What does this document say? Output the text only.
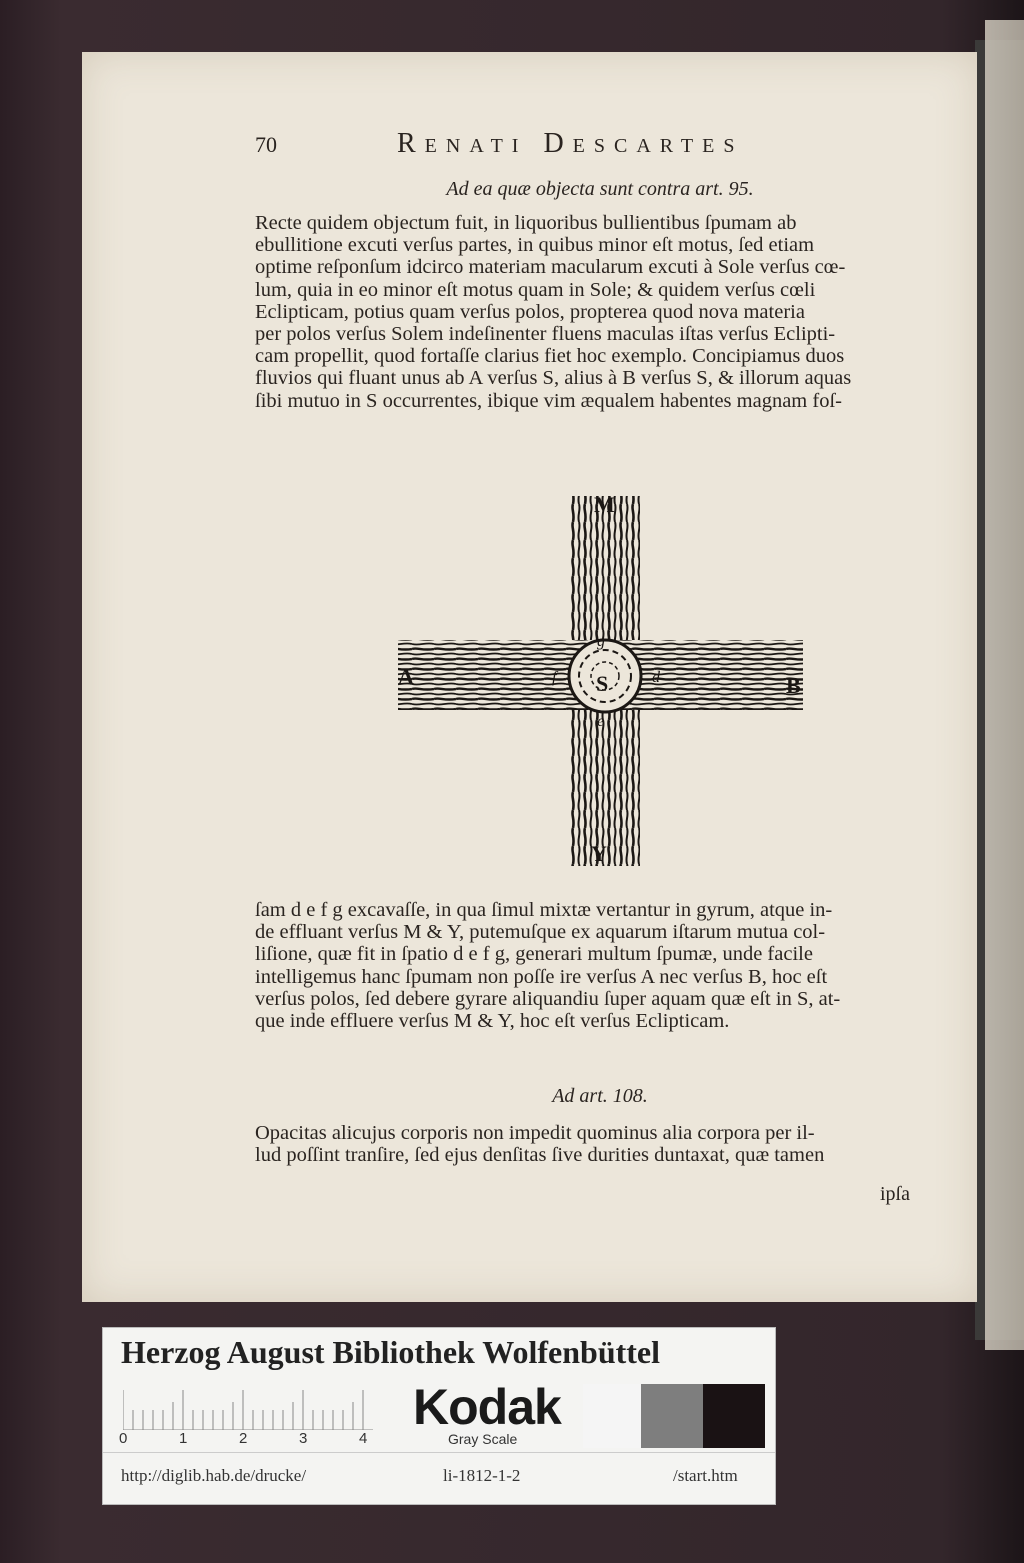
70	Renati Descartes
Ad ea quæ objecta sunt contra art. 95.

Recte quidem objectum fuit, in liquoribus bullientibus ſpumam ab
ebullitione excuti verſus partes, in quibus minor eſt motus, ſed etiam
optime reſponſum idcirco materiam macularum excuti à Sole verſus cœ-
lum, quia in eo minor eſt motus quam in Sole; & quidem verſus cœli
Eclipticam, potius quam verſus polos, propterea quod nova materia
per polos verſus Solem indeſinenter fluens maculas iſtas verſus Eclipti-
cam propellit, quod fortaſſe clarius fiet hoc exemplo. Concipiamus duos
fluvios qui fluant unus ab A verſus S, alius à B verſus S, & illorum aquas
ſibi mutuo in S occurrentes, ibique vim æqualem habentes magnam foſ-

M
Y
A	B
S
g
e
f	d

ſam d e f g excavaſſe, in qua ſimul mixtæ vertantur in gyrum, atque in-
de effluant verſus M & Y, putemuſque ex aquarum iſtarum mutua col-
liſione, quæ fit in ſpatio d e f g, generari multum ſpumæ, unde facile
intelligemus hanc ſpumam non poſſe ire verſus A nec verſus B, hoc eſt
verſus polos, ſed debere gyrare aliquandiu ſuper aquam quæ eſt in S, at-
que inde effluere verſus M & Y, hoc eſt verſus Eclipticam.

Ad art. 108.

Opacitas alicujus corporis non impedit quominus alia corpora per il-
lud poſſint tranſire, ſed ejus denſitas ſive durities duntaxat, quæ tamen

ipſa
Herzog August Bibliothek Wolfenbüttel
0	1	2	3	4
Kodak
Gray Scale
http://diglib.hab.de/drucke/	li-1812-1-2	/start.htm
